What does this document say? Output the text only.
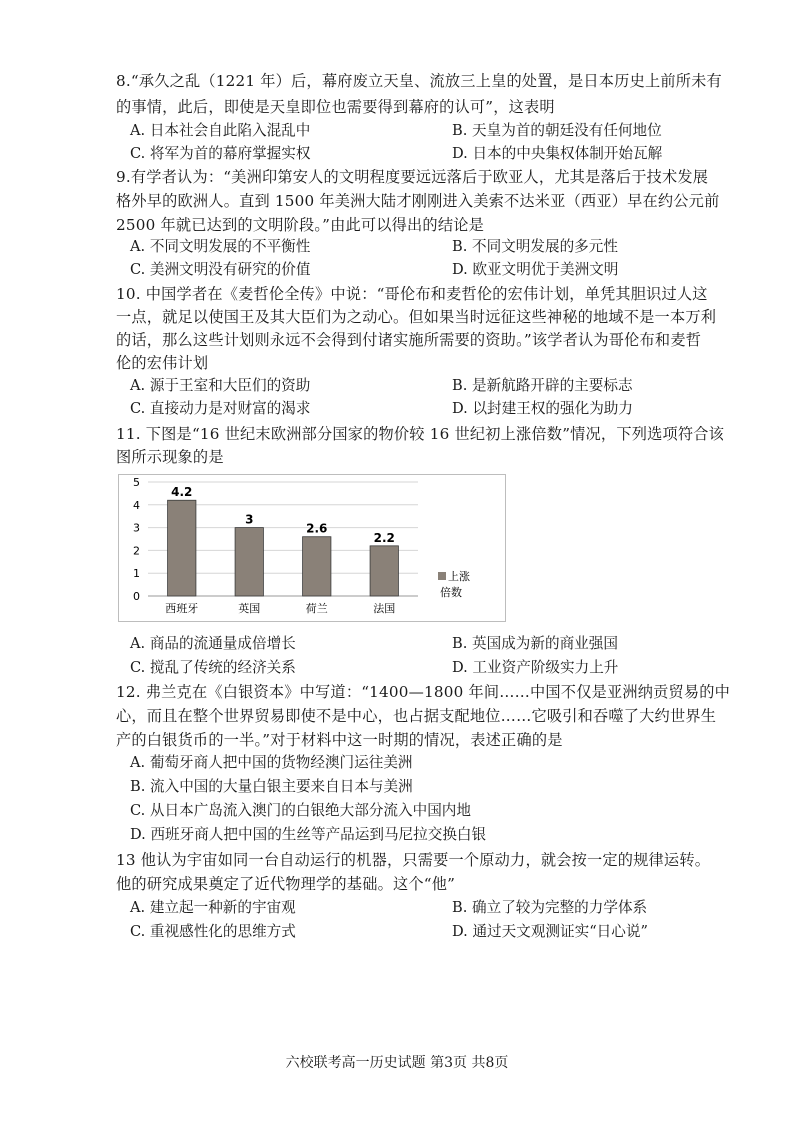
8.“承久之乱（1221 年）后，幕府废立天皇、流放三上皇的处置，是日本历史上前所未有
的事情，此后，即使是天皇即位也需要得到幕府的认可”，这表明
A. 日本社会自此陷入混乱中	B. 天皇为首的朝廷没有任何地位
C. 将军为首的幕府掌握实权	D. 日本的中央集权体制开始瓦解
9.有学者认为：“美洲印第安人的文明程度要远远落后于欧亚人，尤其是落后于技术发展
格外早的欧洲人。直到 1500 年美洲大陆才刚刚进入美索不达米亚（西亚）早在约公元前
2500 年就已达到的文明阶段。”由此可以得出的结论是
A. 不同文明发展的不平衡性	B. 不同文明发展的多元性
C. 美洲文明没有研究的价值	D. 欧亚文明优于美洲文明
10. 中国学者在《麦哲伦全传》中说：“哥伦布和麦哲伦的宏伟计划，单凭其胆识过人这
一点，就足以使国王及其大臣们为之动心。但如果当时远征这些神秘的地域不是一本万利
的话，那么这些计划则永远不会得到付诸实施所需要的资助。”该学者认为哥伦布和麦哲
伦的宏伟计划
A. 源于王室和大臣们的资助	B. 是新航路开辟的主要标志
C. 直接动力是对财富的渴求	D. 以封建王权的强化为助力
11. 下图是“16 世纪末欧洲部分国家的物价较 16 世纪初上涨倍数”情况，下列选项符合该
图所示现象的是
0
1
2
3
4
5
4.2
3
2.6
2.2
西班牙	英国	荷兰	法国
上涨
倍数
A. 商品的流通量成倍增长	B. 英国成为新的商业强国
C. 搅乱了传统的经济关系	D. 工业资产阶级实力上升
12. 弗兰克在《白银资本》中写道：“1400—1800 年间……中国不仅是亚洲纳贡贸易的中
心，而且在整个世界贸易即使不是中心，也占据支配地位……它吸引和吞噬了大约世界生
产的白银货币的一半。”对于材料中这一时期的情况，表述正确的是
A. 葡萄牙商人把中国的货物经澳门运往美洲
B. 流入中国的大量白银主要来自日本与美洲
C. 从日本广岛流入澳门的白银绝大部分流入中国内地
D. 西班牙商人把中国的生丝等产品运到马尼拉交换白银
13 他认为宇宙如同一台自动运行的机器，只需要一个原动力，就会按一定的规律运转。
他的研究成果奠定了近代物理学的基础。这个“他”
A. 建立起一种新的宇宙观	B. 确立了较为完整的力学体系
C. 重视感性化的思维方式	D. 通过天文观测证实“日心说”
六校联考高一历史试题 第3页 共8页
